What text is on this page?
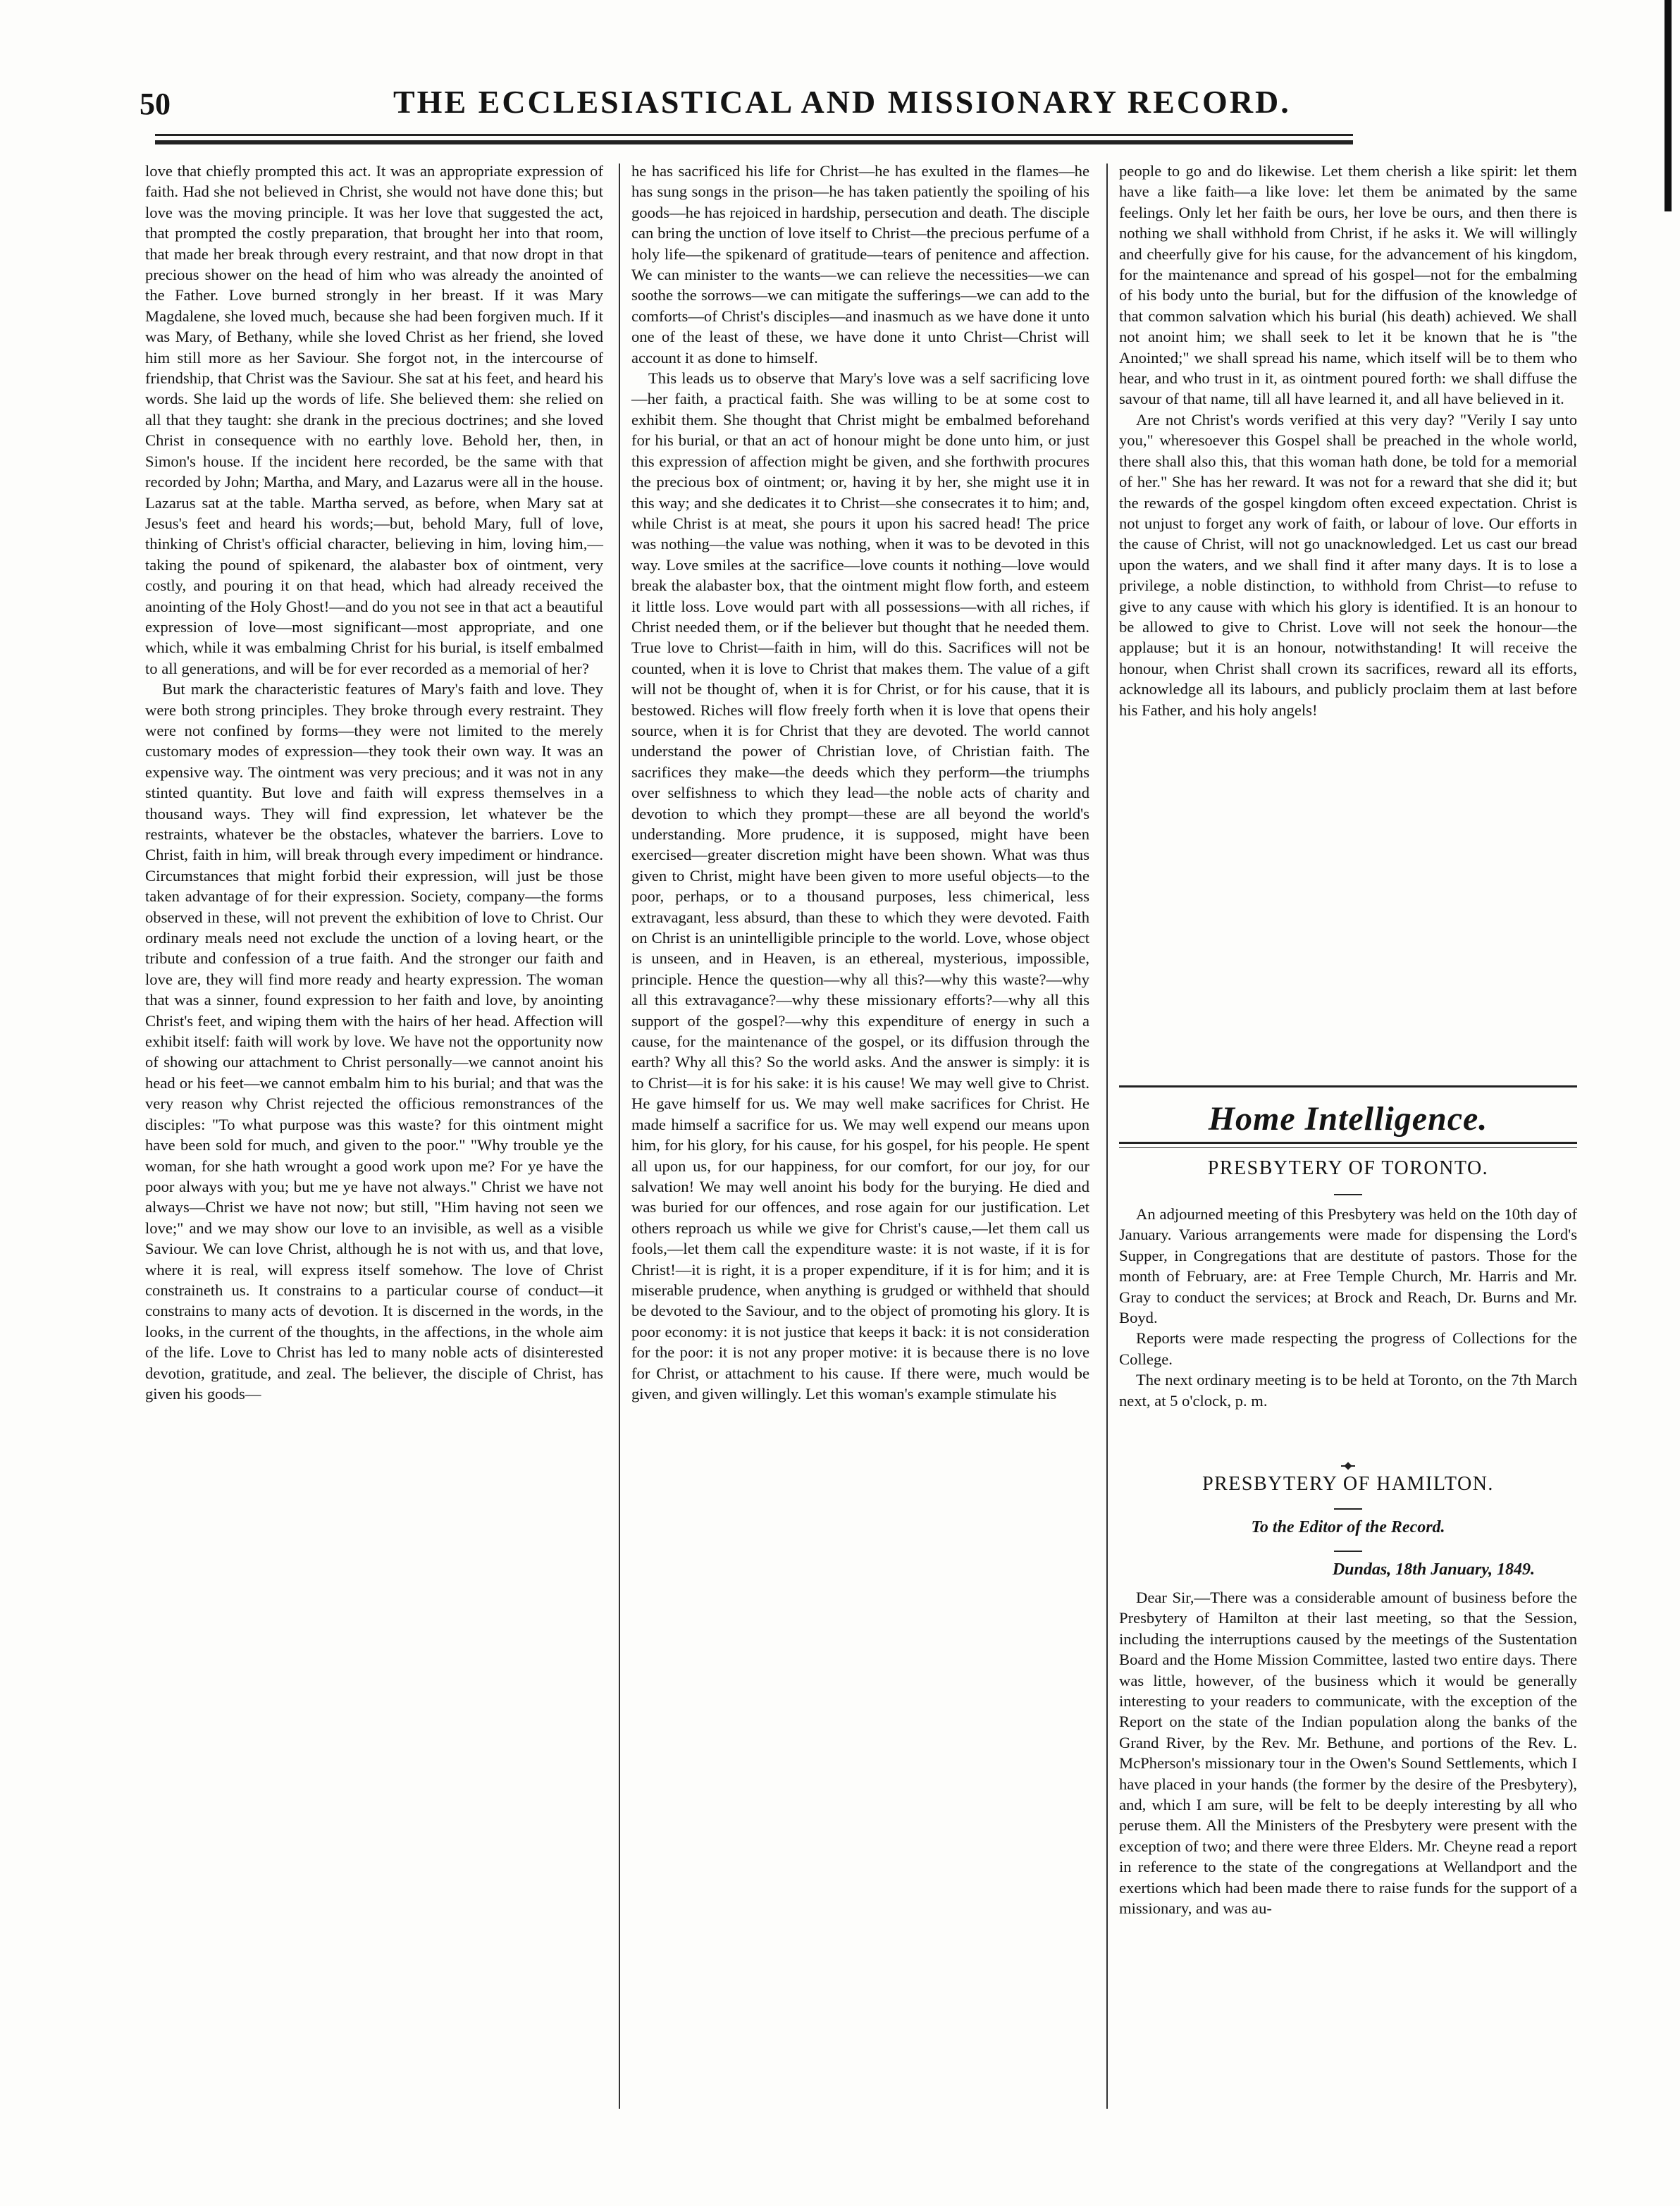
50	THE ECCLESIASTICAL AND MISSIONARY RECORD.

love that chiefly prompted this act. It was an appropriate expression of faith. Had she not believed in Christ, she would not have done this; but love was the moving principle. It was her love that suggested the act, that prompted the costly preparation, that brought her into that room, that made her break through every restraint, and that now dropt in that precious shower on the head of him who was already the anointed of the Father. Love burned strongly in her breast. If it was Mary Magdalene, she loved much, because she had been forgiven much. If it was Mary, of Bethany, while she loved Christ as her friend, she loved him still more as her Saviour. She forgot not, in the intercourse of friendship, that Christ was the Saviour. She sat at his feet, and heard his words. She laid up the words of life. She believed them: she relied on all that they taught: she drank in the precious doctrines; and she loved Christ in consequence with no earthly love. Behold her, then, in Simon's house. If the incident here recorded, be the same with that recorded by John; Martha, and Mary, and Lazarus were all in the house. Lazarus sat at the table. Martha served, as before, when Mary sat at Jesus's feet and heard his words;—but, behold Mary, full of love, thinking of Christ's official character, believing in him, loving him,—taking the pound of spikenard, the alabaster box of ointment, very costly, and pouring it on that head, which had already received the anointing of the Holy Ghost!—and do you not see in that act a beautiful expression of love—most significant—most appropriate, and one which, while it was embalming Christ for his burial, is itself embalmed to all generations, and will be for ever recorded as a memorial of her?

But mark the characteristic features of Mary's faith and love. They were both strong principles. They broke through every restraint. They were not confined by forms—they were not limited to the merely customary modes of expression—they took their own way. It was an expensive way. The ointment was very precious; and it was not in any stinted quantity. But love and faith will express themselves in a thousand ways. They will find expression, let whatever be the restraints, whatever be the obstacles, whatever the barriers. Love to Christ, faith in him, will break through every impediment or hindrance. Circumstances that might forbid their expression, will just be those taken advantage of for their expression. Society, company—the forms observed in these, will not prevent the exhibition of love to Christ. Our ordinary meals need not exclude the unction of a loving heart, or the tribute and confession of a true faith. And the stronger our faith and love are, they will find more ready and hearty expression. The woman that was a sinner, found expression to her faith and love, by anointing Christ's feet, and wiping them with the hairs of her head. Affection will exhibit itself: faith will work by love. We have not the opportunity now of showing our attachment to Christ personally—we cannot anoint his head or his feet—we cannot embalm him to his burial; and that was the very reason why Christ rejected the officious remonstrances of the disciples: "To what purpose was this waste? for this ointment might have been sold for much, and given to the poor." "Why trouble ye the woman, for she hath wrought a good work upon me? For ye have the poor always with you; but me ye have not always." Christ we have not always—Christ we have not now; but still, "Him having not seen we love;" and we may show our love to an invisible, as well as a visible Saviour. We can love Christ, although he is not with us, and that love, where it is real, will express itself somehow. The love of Christ constraineth us. It constrains to a particular course of conduct—it constrains to many acts of devotion. It is discerned in the words, in the looks, in the current of the thoughts, in the affections, in the whole aim of the life. Love to Christ has led to many noble acts of disinterested devotion, gratitude, and zeal. The believer, the disciple of Christ, has given his goods—

he has sacrificed his life for Christ—he has exulted in the flames—he has sung songs in the prison—he has taken patiently the spoiling of his goods—he has rejoiced in hardship, persecution and death. The disciple can bring the unction of love itself to Christ—the precious perfume of a holy life—the spikenard of gratitude—tears of penitence and affection. We can minister to the wants—we can relieve the necessities—we can soothe the sorrows—we can mitigate the sufferings—we can add to the comforts—of Christ's disciples—and inasmuch as we have done it unto one of the least of these, we have done it unto Christ—Christ will account it as done to himself.

This leads us to observe that Mary's love was a self sacrificing love—her faith, a practical faith. She was willing to be at some cost to exhibit them. She thought that Christ might be embalmed beforehand for his burial, or that an act of honour might be done unto him, or just this expression of affection might be given, and she forthwith procures the precious box of ointment; or, having it by her, she might use it in this way; and she dedicates it to Christ—she consecrates it to him; and, while Christ is at meat, she pours it upon his sacred head! The price was nothing—the value was nothing, when it was to be devoted in this way. Love smiles at the sacrifice—love counts it nothing—love would break the alabaster box, that the ointment might flow forth, and esteem it little loss. Love would part with all possessions—with all riches, if Christ needed them, or if the believer but thought that he needed them. True love to Christ—faith in him, will do this. Sacrifices will not be counted, when it is love to Christ that makes them. The value of a gift will not be thought of, when it is for Christ, or for his cause, that it is bestowed. Riches will flow freely forth when it is love that opens their source, when it is for Christ that they are devoted. The world cannot understand the power of Christian love, of Christian faith. The sacrifices they make—the deeds which they perform—the triumphs over selfishness to which they lead—the noble acts of charity and devotion to which they prompt—these are all beyond the world's understanding. More prudence, it is supposed, might have been exercised—greater discretion might have been shown. What was thus given to Christ, might have been given to more useful objects—to the poor, perhaps, or to a thousand purposes, less chimerical, less extravagant, less absurd, than these to which they were devoted. Faith on Christ is an unintelligible principle to the world. Love, whose object is unseen, and in Heaven, is an ethereal, mysterious, impossible, principle. Hence the question—why all this?—why this waste?—why all this extravagance?—why these missionary efforts?—why all this support of the gospel?—why this expenditure of energy in such a cause, for the maintenance of the gospel, or its diffusion through the earth? Why all this? So the world asks. And the answer is simply: it is to Christ—it is for his sake: it is his cause! We may well give to Christ. He gave himself for us. We may well make sacrifices for Christ. He made himself a sacrifice for us. We may well expend our means upon him, for his glory, for his cause, for his gospel, for his people. He spent all upon us, for our happiness, for our comfort, for our joy, for our salvation! We may well anoint his body for the burying. He died and was buried for our offences, and rose again for our justification. Let others reproach us while we give for Christ's cause,—let them call us fools,—let them call the expenditure waste: it is not waste, if it is for Christ!—it is right, it is a proper expenditure, if it is for him; and it is miserable prudence, when anything is grudged or withheld that should be devoted to the Saviour, and to the object of promoting his glory. It is poor economy: it is not justice that keeps it back: it is not consideration for the poor: it is not any proper motive: it is because there is no love for Christ, or attachment to his cause. If there were, much would be given, and given willingly. Let this woman's example stimulate his

people to go and do likewise. Let them cherish a like spirit: let them have a like faith—a like love: let them be animated by the same feelings. Only let her faith be ours, her love be ours, and then there is nothing we shall withhold from Christ, if he asks it. We will willingly and cheerfully give for his cause, for the advancement of his kingdom, for the maintenance and spread of his gospel—not for the embalming of his body unto the burial, but for the diffusion of the knowledge of that common salvation which his burial (his death) achieved. We shall not anoint him; we shall seek to let it be known that he is "the Anointed;" we shall spread his name, which itself will be to them who hear, and who trust in it, as ointment poured forth: we shall diffuse the savour of that name, till all have learned it, and all have believed in it.

Are not Christ's words verified at this very day? "Verily I say unto you," wheresoever this Gospel shall be preached in the whole world, there shall also this, that this woman hath done, be told for a memorial of her." She has her reward. It was not for a reward that she did it; but the rewards of the gospel kingdom often exceed expectation. Christ is not unjust to forget any work of faith, or labour of love. Our efforts in the cause of Christ, will not go unacknowledged. Let us cast our bread upon the waters, and we shall find it after many days. It is to lose a privilege, a noble distinction, to withhold from Christ—to refuse to give to any cause with which his glory is identified. It is an honour to be allowed to give to Christ. Love will not seek the honour—the applause; but it is an honour, notwithstanding! It will receive the honour, when Christ shall crown its sacrifices, reward all its efforts, acknowledge all its labours, and publicly proclaim them at last before his Father, and his holy angels!

Home Intelligence.
PRESBYTERY OF TORONTO.

An adjourned meeting of this Presbytery was held on the 10th day of January. Various arrangements were made for dispensing the Lord's Supper, in Congregations that are destitute of pastors. Those for the month of February, are: at Free Temple Church, Mr. Harris and Mr. Gray to conduct the services; at Brock and Reach, Dr. Burns and Mr. Boyd.

Reports were made respecting the progress of Collections for the College.

The next ordinary meeting is to be held at Toronto, on the 7th March next, at 5 o'clock, p. m.

PRESBYTERY OF HAMILTON.
To the Editor of the Record.
Dundas, 18th January, 1849.

Dear Sir,—There was a considerable amount of business before the Presbytery of Hamilton at their last meeting, so that the Session, including the interruptions caused by the meetings of the Sustentation Board and the Home Mission Committee, lasted two entire days. There was little, however, of the business which it would be generally interesting to your readers to communicate, with the exception of the Report on the state of the Indian population along the banks of the Grand River, by the Rev. Mr. Bethune, and portions of the Rev. L. McPherson's missionary tour in the Owen's Sound Settlements, which I have placed in your hands (the former by the desire of the Presbytery), and, which I am sure, will be felt to be deeply interesting by all who peruse them. All the Ministers of the Presbytery were present with the exception of two; and there were three Elders. Mr. Cheyne read a report in reference to the state of the congregations at Wellandport and the exertions which had been made there to raise funds for the support of a missionary, and was au-
